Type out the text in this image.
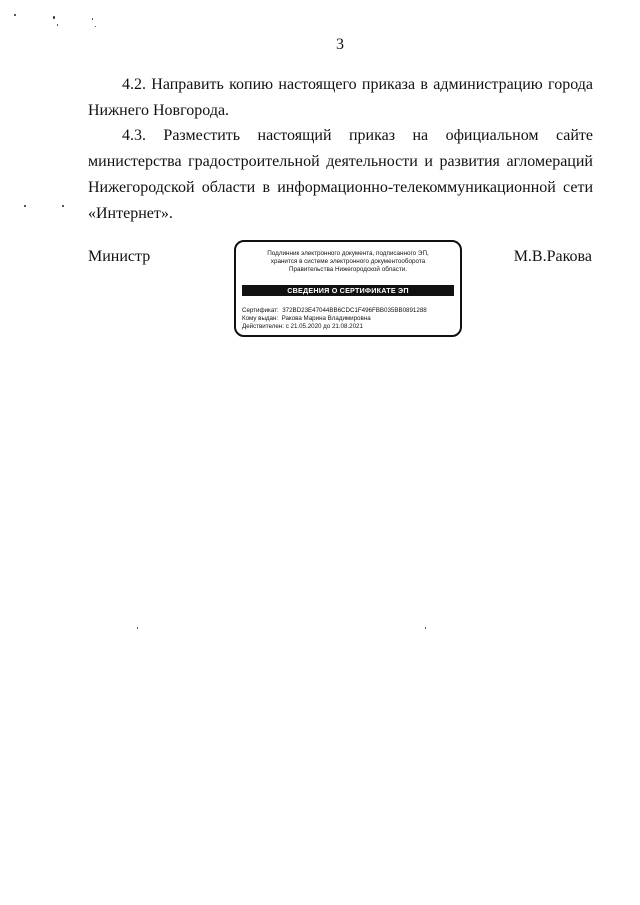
3

4.2. Направить копию настоящего приказа в администрацию города Нижнего Новгорода.

4.3. Разместить настоящий приказ на официальном сайте министерства градостроительной деятельности и развития агломераций Нижегородской области в информационно-телекоммуникационной сети «Интернет».

Министр	Подлинник электронного документа, подписанного ЭП,
хранится в системе электронного документооборота
Правительства Нижегородской области.
СВЕДЕНИЯ О СЕРТИФИКАТЕ ЭП
Сертификат: 372BD23E47044BB6CDC1F496FBB035BB0891288
Кому выдан: Ракова Марина Владимировна
Действителен: с 21.05.2020 до 21.08.2021
М.В.Ракова
